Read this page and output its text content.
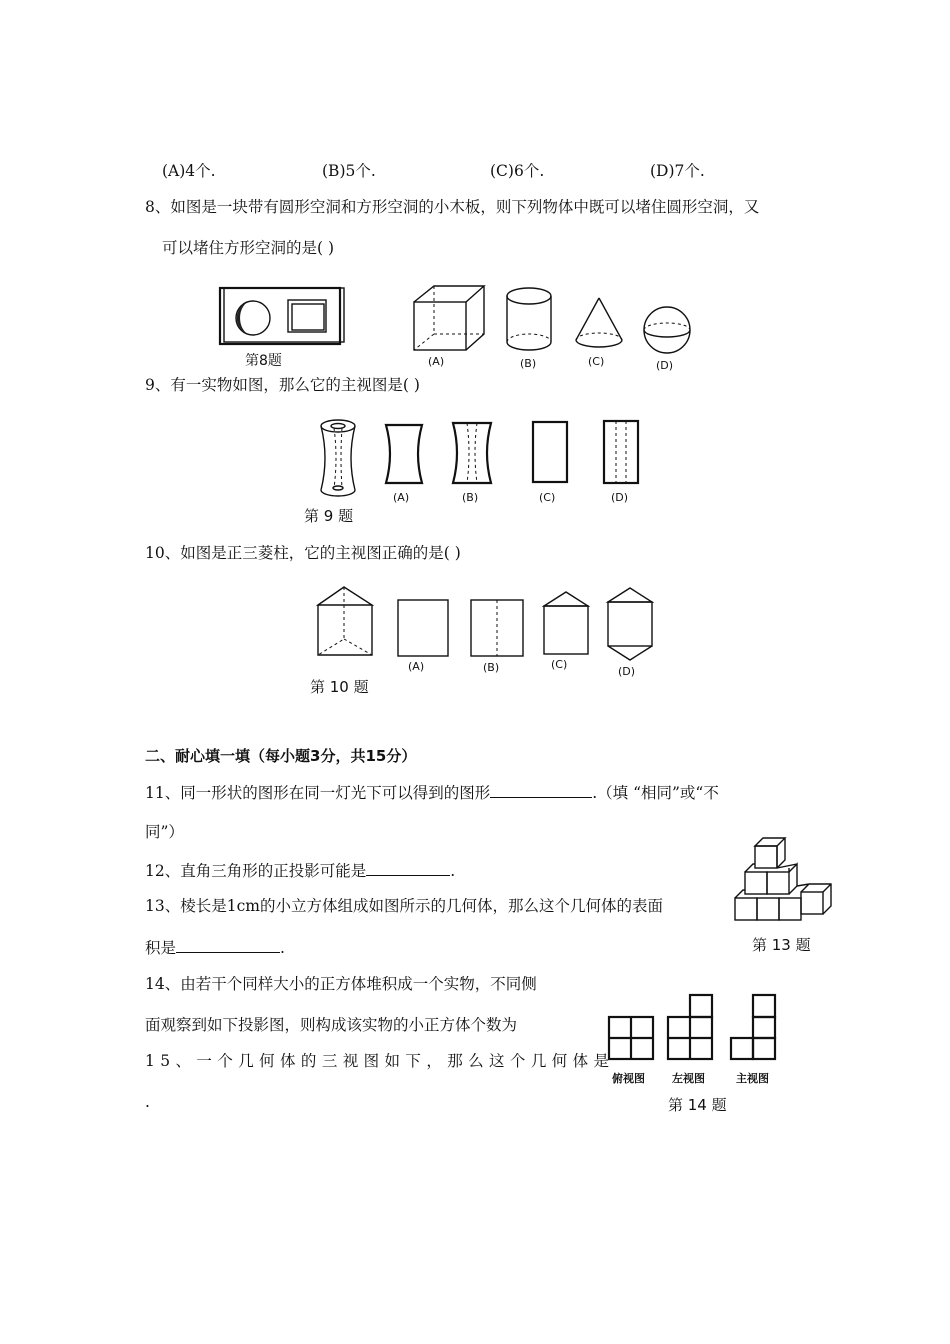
(A)4个.	(B)5个.	(C)6个.	(D)7个.
8、如图是一块带有圆形空洞和方形空洞的小木板，则下列物体中既可以堵住圆形空洞，又
可以堵住方形空洞的是( )
第8题	(A)	(B)	(C)	(D)
9、有一实物如图，那么它的主视图是( )
第 9 题
(A)	(B)	(C)	(D)
10、如图是正三菱柱，它的主视图正确的是( )
第 10 题
(A)	(B)	(C)
(D)
二、耐心填一填（每小题3分，共15分）
11、同一形状的图形在同一灯光下可以得到的图形	.（填 “相同”或“不
同”）
12、直角三角形的正投影可能是	.
13、棱长是1cm的小立方体组成如图所示的几何体，那么这个几何体的表面
积是	.	第 13 题
14、由若干个同样大小的正方体堆积成一个实物，不同侧
面观察到如下投影图，则构成该实物的小正方体个数为
俯视图 左视图	主视图
第 14 题
15、一个几何体的三视图如下，那么这个几何体是
.
